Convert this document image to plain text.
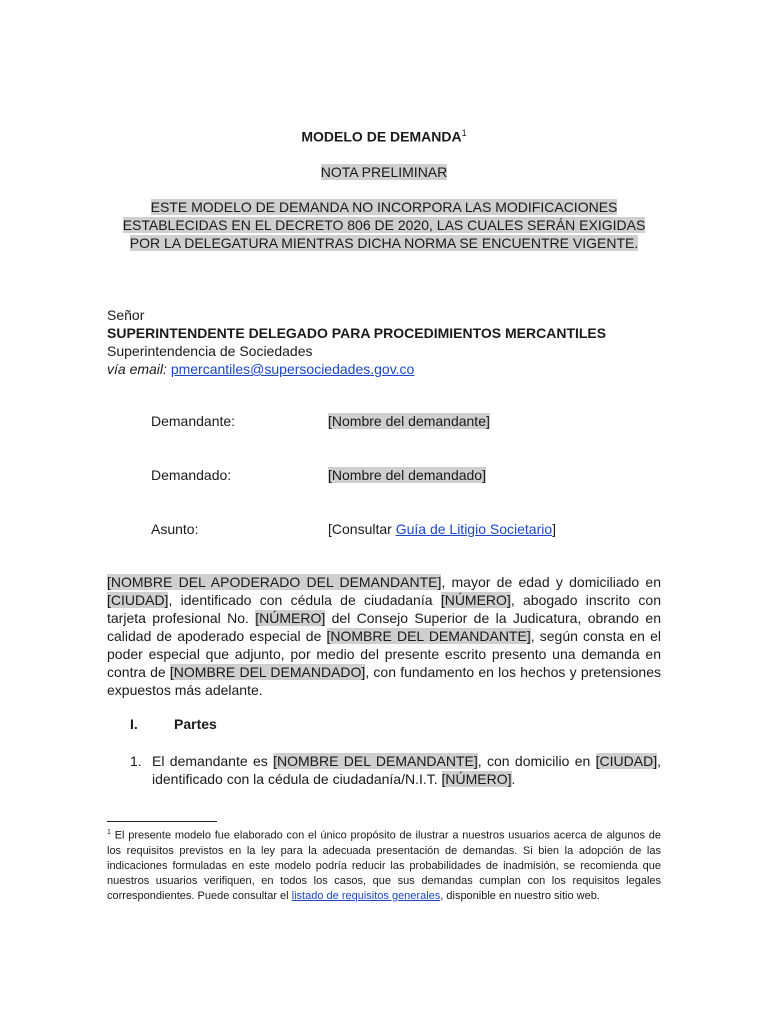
MODELO DE DEMANDA$^1$
NOTA PRELIMINAR
ESTE MODELO DE DEMANDA NO INCORPORA LAS MODIFICACIONES ESTABLECIDAS EN EL DECRETO 806 DE 2020, LAS CUALES SERÁN EXIGIDAS POR LA DELEGATURA MIENTRAS DICHA NORMA SE ENCUENTRE VIGENTE.
Señor
SUPERINTENDENTE DELEGADO PARA PROCEDIMIENTOS MERCANTILES
Superintendencia de Sociedades
vía email: pmercantiles@supersociedades.gov.co
Demandante:	[Nombre del demandante]
Demandado:	[Nombre del demandado]
Asunto:	[Consultar Guía de Litigio Societario]
[NOMBRE DEL APODERADO DEL DEMANDANTE], mayor de edad y domiciliado en [CIUDAD], identificado con cédula de ciudadanía [NÚMERO], abogado inscrito con tarjeta profesional No. [NÚMERO] del Consejo Superior de la Judicatura, obrando en calidad de apoderado especial de [NOMBRE DEL DEMANDANTE], según consta en el poder especial que adjunto, por medio del presente escrito presento una demanda en contra de [NOMBRE DEL DEMANDADO], con fundamento en los hechos y pretensiones expuestos más adelante.
I.	Partes
1. El demandante es [NOMBRE DEL DEMANDANTE], con domicilio en [CIUDAD], identificado con la cédula de ciudadanía/N.I.T. [NÚMERO].
$^1$ El presente modelo fue elaborado con el único propósito de ilustrar a nuestros usuarios acerca de algunos de los requisitos previstos en la ley para la adecuada presentación de demandas. Si bien la adopción de las indicaciones formuladas en este modelo podría reducir las probabilidades de inadmisión, se recomienda que nuestros usuarios verifiquen, en todos los casos, que sus demandas cumplan con los requisitos legales correspondientes. Puede consultar el listado de requisitos generales, disponible en nuestro sitio web.
